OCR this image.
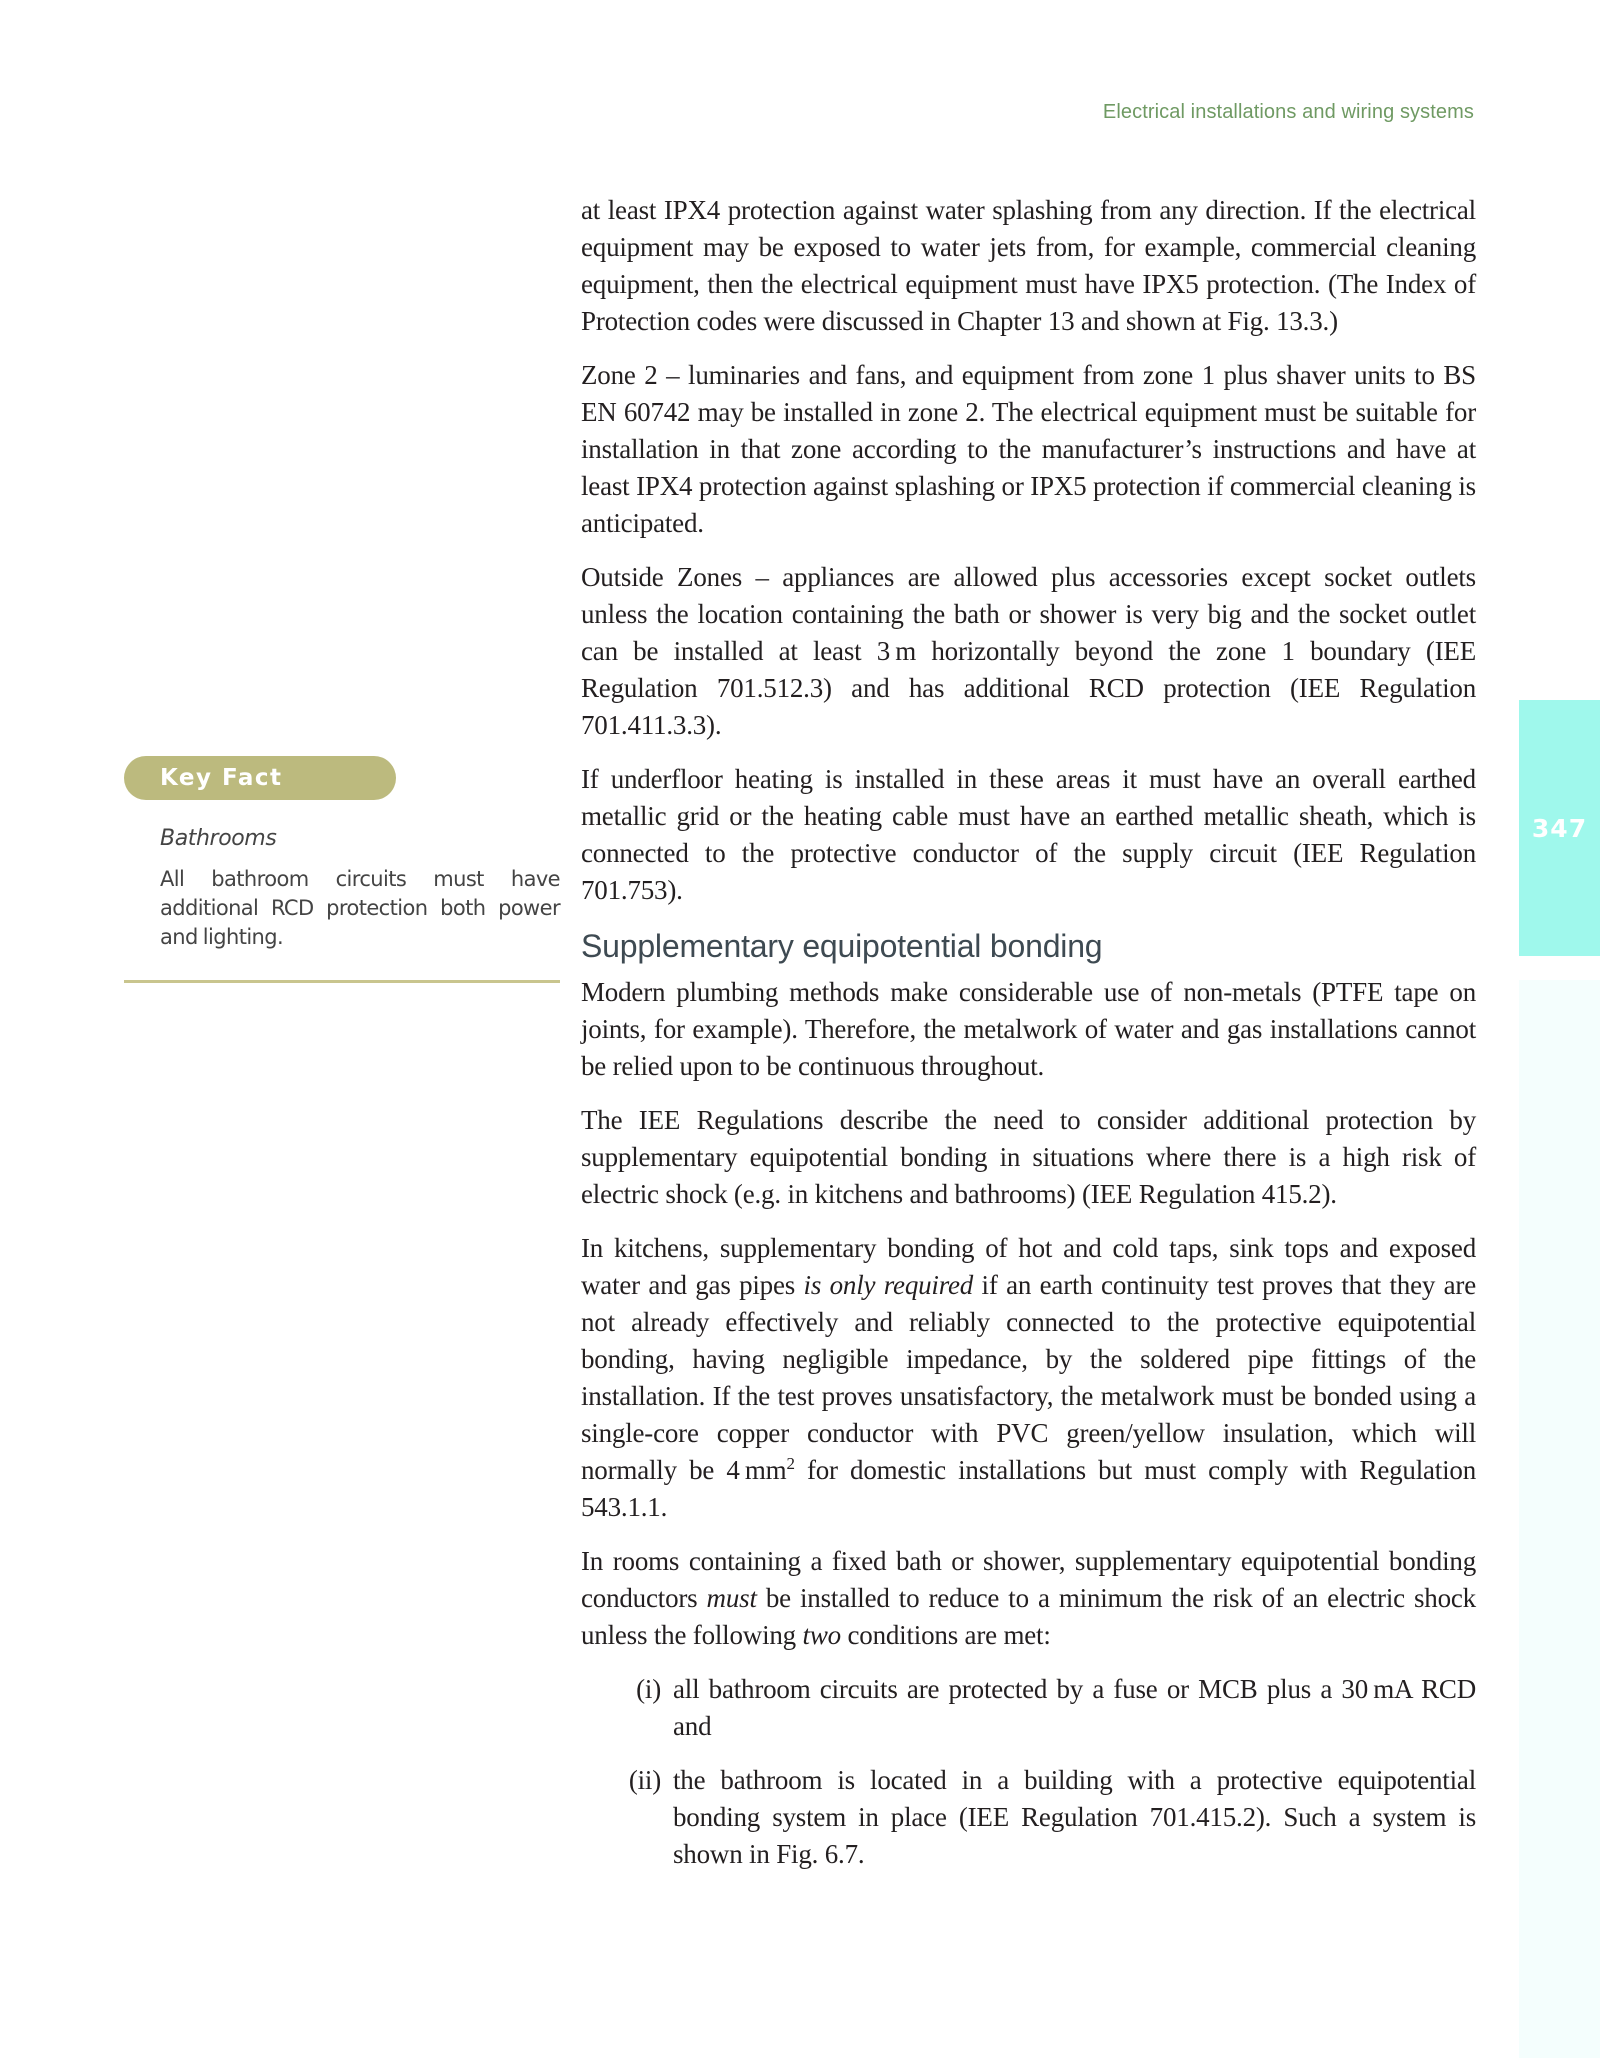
Electrical installations and wiring systems
347
Key Fact
Bathrooms
All bathroom circuits must have additional RCD protection both power and lighting.

at least IPX4 protection against water splashing from any direction. If the electrical equipment may be exposed to water jets from, for example, commercial cleaning equipment, then the electrical equipment must have IPX5 protection. (The Index of Protection codes were discussed in Chapter 13 and shown at Fig. 13.3.)

Zone 2 – luminaries and fans, and equipment from zone 1 plus shaver units to BS EN 60742 may be installed in zone 2. The electrical equipment must be suitable for installation in that zone according to the manufacturer’s instructions and have at least IPX4 protection against splashing or IPX5 protection if commercial cleaning is anticipated.

Outside Zones – appliances are allowed plus accessories except socket outlets unless the location containing the bath or shower is very big and the socket outlet can be installed at least 3 m horizontally beyond the zone 1 boundary (IEE Regulation 701.512.3) and has additional RCD protection (IEE Regulation 701.411.3.3).

If underfloor heating is installed in these areas it must have an overall earthed metallic grid or the heating cable must have an earthed metallic sheath, which is connected to the protective conductor of the supply circuit (IEE Regulation 701.753).

Supplementary equipotential bonding

Modern plumbing methods make considerable use of non-metals (PTFE tape on joints, for example). Therefore, the metalwork of water and gas installations cannot be relied upon to be continuous throughout.

The IEE Regulations describe the need to consider additional protection by supplementary equipotential bonding in situations where there is a high risk of electric shock (e.g. in kitchens and bathrooms) (IEE Regulation 415.2).

In kitchens, supplementary bonding of hot and cold taps, sink tops and exposed water and gas pipes is only required if an earth continuity test proves that they are not already effectively and reliably connected to the protective equipotential bonding, having negligible impedance, by the soldered pipe fittings of the installation. If the test proves unsatisfactory, the metalwork must be bonded using a single-core copper conductor with PVC green/yellow insulation, which will normally be 4 $mm^2$ for domestic installations but must comply with Regulation 543.1.1.

In rooms containing a fixed bath or shower, supplementary equipotential bonding conductors must be installed to reduce to a minimum the risk of an electric shock unless the following two conditions are met:

(i) all bathroom circuits are protected by a fuse or MCB plus a 30 mA RCD and
(ii) the bathroom is located in a building with a protective equipotential bonding system in place (IEE Regulation 701.415.2). Such a system is shown in Fig. 6.7.
